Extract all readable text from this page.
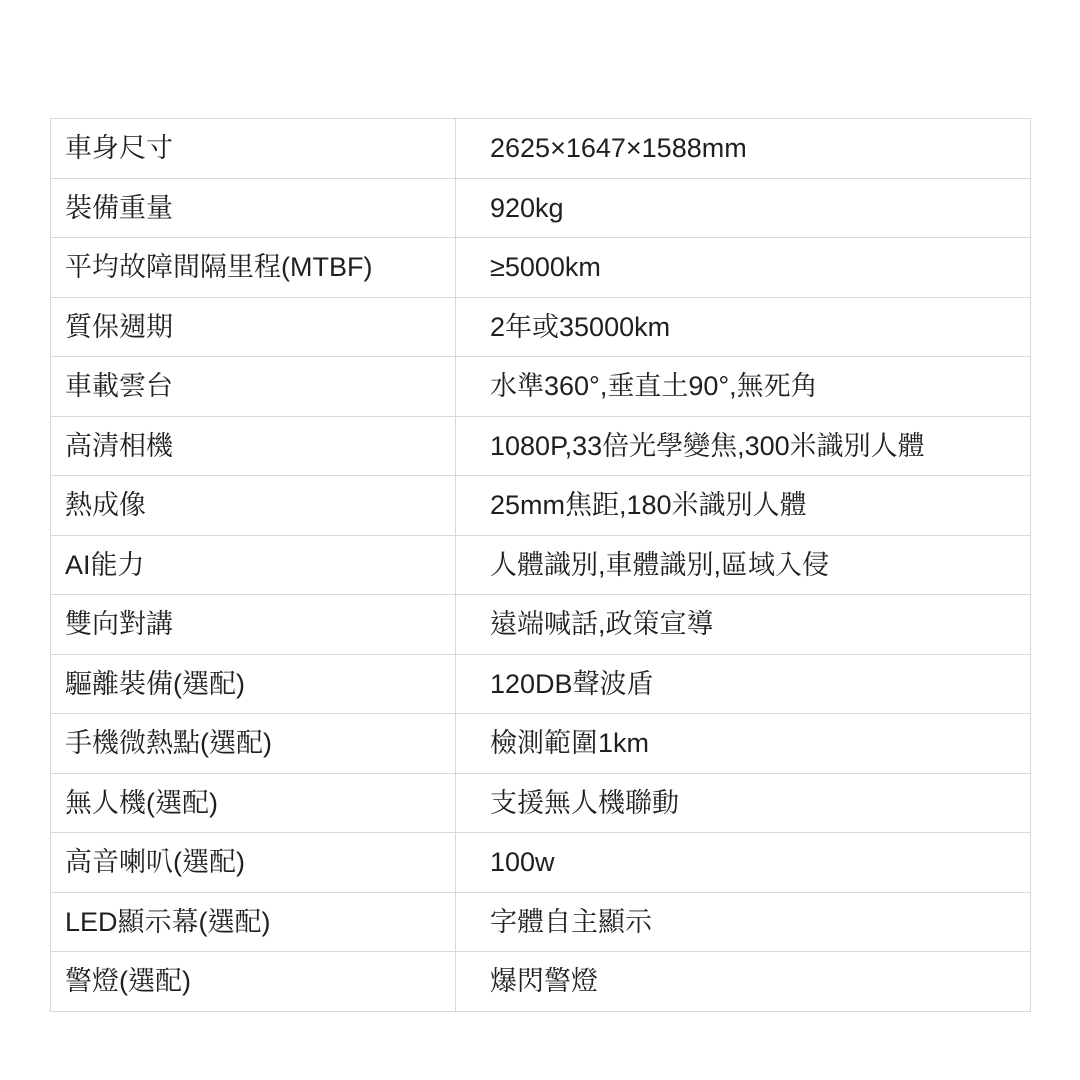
車身尺寸	2625×1647×1588mm
裝備重量	920kg
平均故障間隔里程(MTBF)	≥5000km
質保週期	2年或35000km
車載雲台	水準360°,垂直土90°,無死角
高清相機	1080P,33倍光學變焦,300米識別人體
熱成像	25mm焦距,180米識別人體
AI能力	人體識別,車體識別,區域入侵
雙向對講	遠端喊話,政策宣導
驅離裝備(選配)	120DB聲波盾
手機微熱點(選配)	檢測範圍1km
無人機(選配)	支援無人機聯動
高音喇叭(選配)	100w
LED顯示幕(選配)	字體自主顯示
警燈(選配)	爆閃警燈
